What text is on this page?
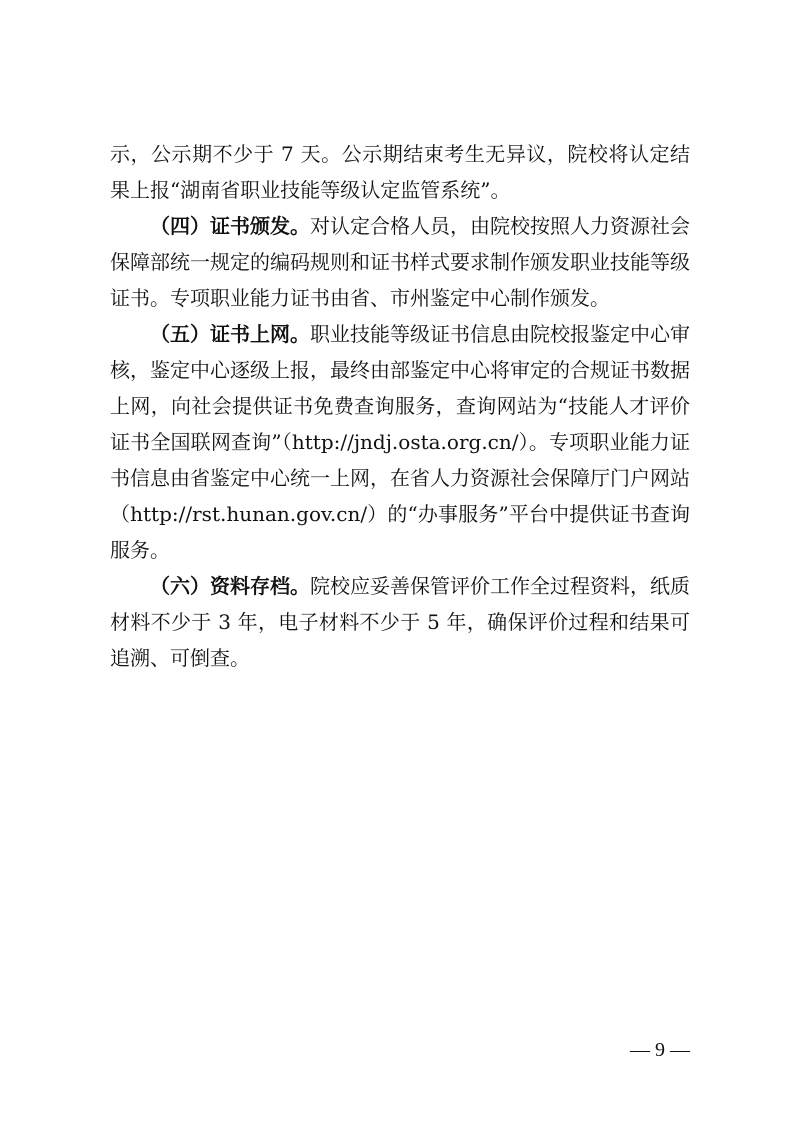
示，公示期不少于 7 天。公示期结束考生无异议，院校将认定结果上报“湖南省职业技能等级认定监管系统”。

（四）证书颁发。对认定合格人员，由院校按照人力资源社会保障部统一规定的编码规则和证书样式要求制作颁发职业技能等级证书。专项职业能力证书由省、市州鉴定中心制作颁发。

（五）证书上网。职业技能等级证书信息由院校报鉴定中心审核，鉴定中心逐级上报，最终由部鉴定中心将审定的合规证书数据上网，向社会提供证书免费查询服务，查询网站为“技能人才评价证书全国联网查询”（http://jndj.osta.org.cn/）。专项职业能力证书信息由省鉴定中心统一上网，在省人力资源社会保障厅门户网站（http://rst.hunan.gov.cn/）的“办事服务”平台中提供证书查询服务。

（六）资料存档。院校应妥善保管评价工作全过程资料，纸质材料不少于 3 年，电子材料不少于 5 年，确保评价过程和结果可追溯、可倒查。

— 9 —
